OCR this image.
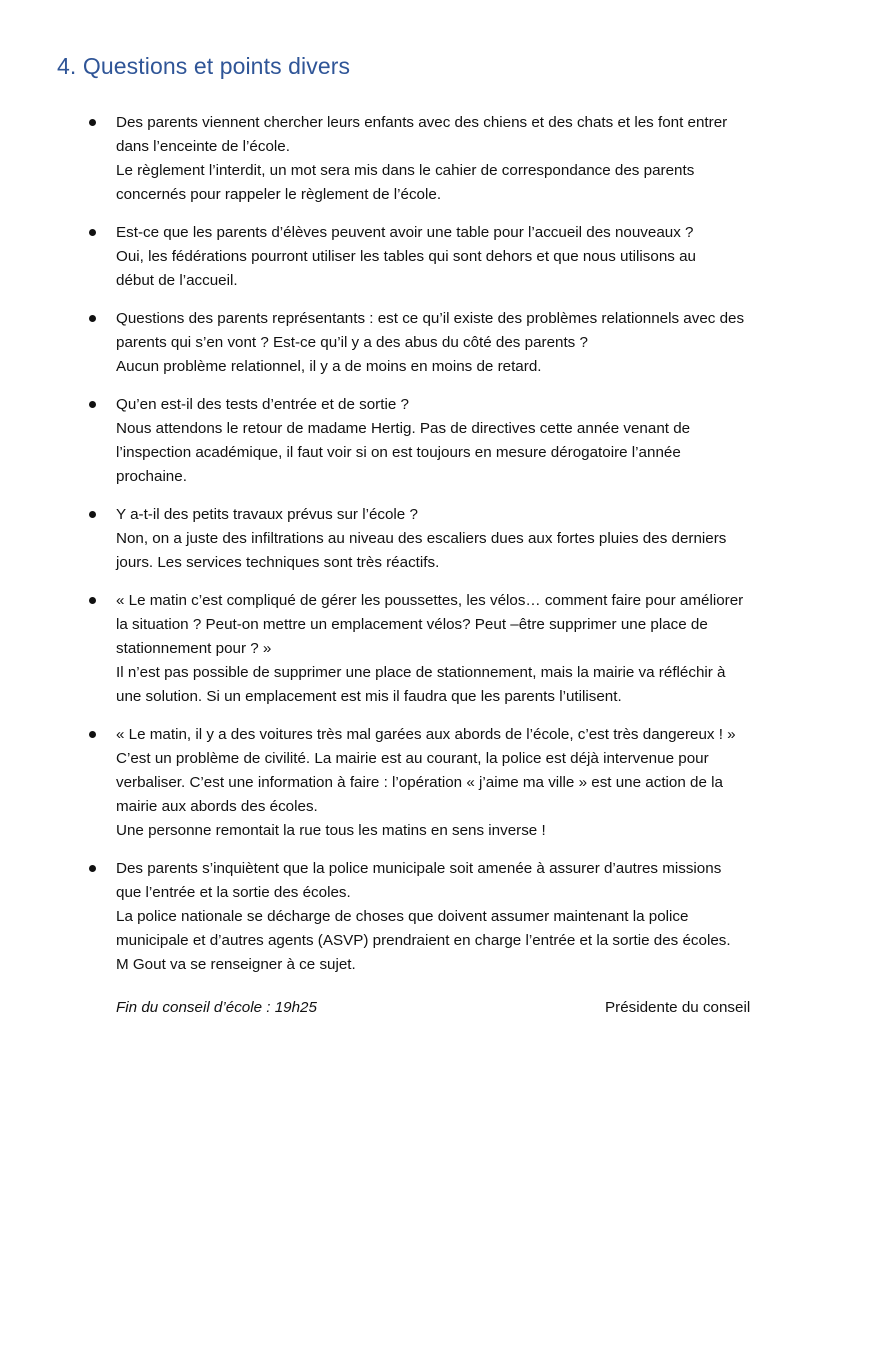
4. Questions et points divers
Des parents viennent chercher leurs enfants avec des chiens et des chats et les font entrer
dans l’enceinte de l’école.
Le règlement l’interdit, un mot sera mis dans le cahier de correspondance des parents
concernés pour rappeler le règlement de l’école.
Est-ce que les parents d’élèves peuvent avoir une table pour l’accueil des nouveaux ?
Oui, les fédérations pourront utiliser les tables qui sont dehors et que nous utilisons au
début de l’accueil.
Questions des parents représentants : est ce qu’il existe des problèmes relationnels avec des
parents qui s’en vont ? Est-ce qu’il y a des abus du côté des parents ?
Aucun problème relationnel, il y a de moins en moins de retard.
Qu’en est-il des tests d’entrée et de sortie ?
Nous attendons le retour de madame Hertig. Pas de directives cette année venant de
l’inspection académique, il faut voir si on est toujours en mesure dérogatoire l’année
prochaine.
Y a-t-il des petits travaux prévus sur l’école ?
Non, on a juste des infiltrations au niveau des escaliers dues aux fortes pluies des derniers
jours. Les services techniques sont très réactifs.
« Le matin c’est compliqué de gérer les poussettes, les vélos… comment faire pour améliorer
la situation ? Peut-on mettre un emplacement vélos? Peut –être supprimer une place de
stationnement pour ? »
Il n’est pas possible de supprimer une place de stationnement, mais la mairie va réfléchir à
une solution. Si un emplacement est mis il faudra que les parents l’utilisent.
« Le matin, il y a des voitures très mal garées aux abords de l’école, c’est très dangereux ! »
C’est un problème de civilité. La mairie est au courant, la police est déjà intervenue pour
verbaliser. C’est une information à faire : l’opération « j’aime ma ville » est une action de la
mairie aux abords des écoles.
Une personne remontait la rue tous les matins en sens inverse !
Des parents s’inquiètent que la police municipale soit amenée à assurer d’autres missions
que l’entrée et la sortie des écoles.
La police nationale se décharge de choses que doivent assumer maintenant la police
municipale et d’autres agents (ASVP) prendraient en charge l’entrée et la sortie des écoles.
M Gout va se renseigner à ce sujet.
Fin du conseil d’école : 19h25	Présidente du conseil
